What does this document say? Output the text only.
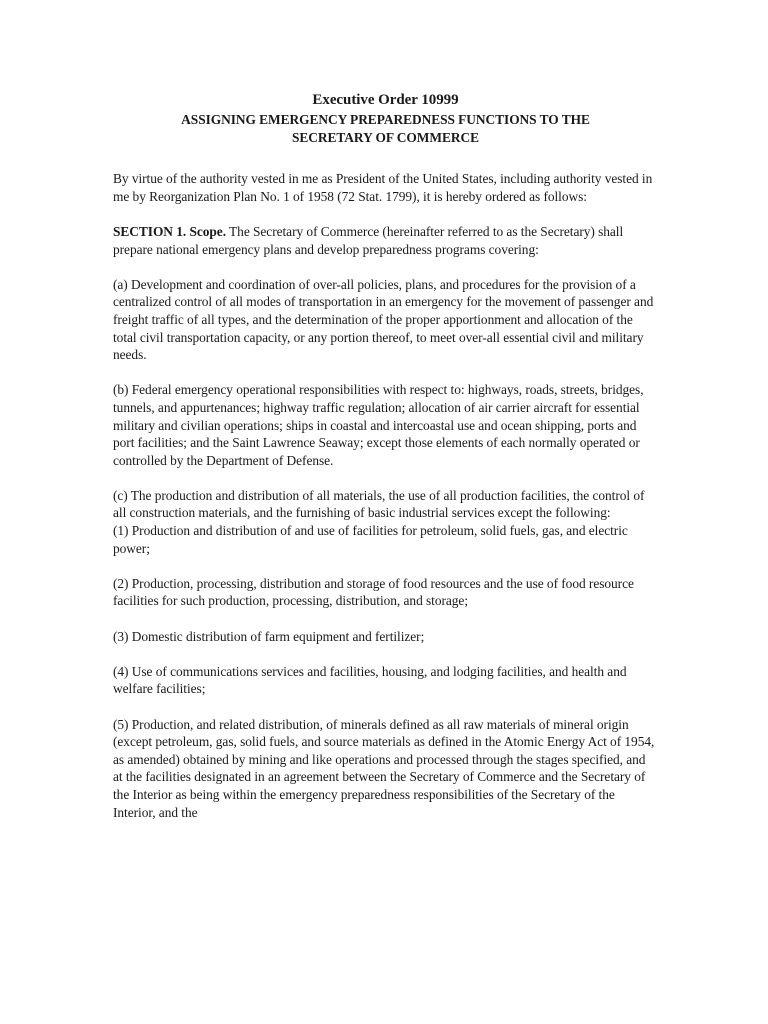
Executive Order 10999
ASSIGNING EMERGENCY PREPAREDNESS FUNCTIONS TO THE
SECRETARY OF COMMERCE

By virtue of the authority vested in me as President of the United States, including authority vested in me by Reorganization Plan No. 1 of 1958 (72 Stat. 1799), it is hereby ordered as follows:

SECTION 1. Scope. The Secretary of Commerce (hereinafter referred to as the Secretary) shall prepare national emergency plans and develop preparedness programs covering:

(a) Development and coordination of over-all policies, plans, and procedures for the provision of a centralized control of all modes of transportation in an emergency for the movement of passenger and freight traffic of all types, and the determination of the proper apportionment and allocation of the total civil transportation capacity, or any portion thereof, to meet over-all essential civil and military needs.

(b) Federal emergency operational responsibilities with respect to: highways, roads, streets, bridges, tunnels, and appurtenances; highway traffic regulation; allocation of air carrier aircraft for essential military and civilian operations; ships in coastal and intercoastal use and ocean shipping, ports and port facilities; and the Saint Lawrence Seaway; except those elements of each normally operated or controlled by the Department of Defense.

(c) The production and distribution of all materials, the use of all production facilities, the control of all construction materials, and the furnishing of basic industrial services except the following:

(1) Production and distribution of and use of facilities for petroleum, solid fuels, gas, and electric power;

(2) Production, processing, distribution and storage of food resources and the use of food resource facilities for such production, processing, distribution, and storage;

(3) Domestic distribution of farm equipment and fertilizer;

(4) Use of communications services and facilities, housing, and lodging facilities, and health and welfare facilities;

(5) Production, and related distribution, of minerals defined as all raw materials of mineral origin (except petroleum, gas, solid fuels, and source materials as defined in the Atomic Energy Act of 1954, as amended) obtained by mining and like operations and processed through the stages specified, and at the facilities designated in an agreement between the Secretary of Commerce and the Secretary of the Interior as being within the emergency preparedness responsibilities of the Secretary of the Interior, and the
